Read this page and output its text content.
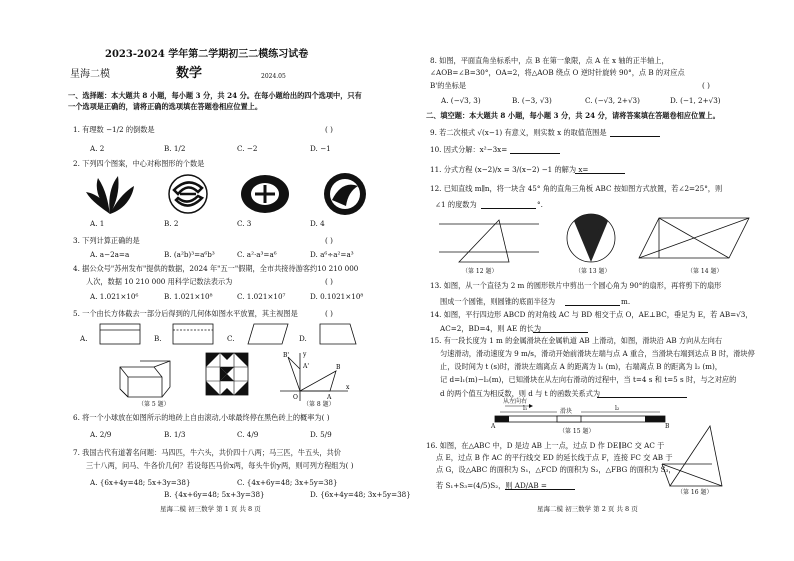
2023-2024 学年第二学期初三二模练习试卷
星海二模	数学	2024.05
一、选择题：本大题共 8 小题，每小题 3 分，共 24 分。在每小题给出的四个选项中，只有
一个选项是正确的，请将正确的选项填在答题卷相应位置上。
1. 有理数 −1/2 的倒数是	( )
A. 2	B. 1/2	C. −2	D. −1
2. 下列四个图案，中心对称图形的个数是
A. 1	B. 2	C. 3	D. 4
3. 下列计算正确的是	( )
A. a−2a=a	B. (a²b)³=a⁶b³	C. a²·a³=a⁶	D. a⁶÷a²=a³
4. 据公众号"苏州发布"提供的数据，2024 年"五一"假期，全市共接待游客约10 210 000
人次，数据 10 210 000 用科学记数法表示为	( )
A. 1.021×10⁶	B. 1.021×10⁸	C. 1.021×10⁷	D. 0.1021×10⁸
5. 一个由长方体截去一部分后得到的几何体如图水平放置，其主视图是	( )
A.	B.	C.	D.
B'
A'
y
A
B
O
x
（第 5 题）	（第 8 题）
6. 将一个小球放在如图所示的地砖上自由滚动,小球最终停在黑色砖上的概率为( )
A. 2/9	B. 1/3	C. 4/9	D. 5/9
7. 我国古代有道著名问题：马四匹，牛六头，共价四十八两；马三匹，牛五头，共价
三十八两，问马、牛各价几何？若设每匹马价x两，每头牛价y两，则可列方程组为( )
A. {6x+4y=48; 5x+3y=38}
B. {4x+6y=48; 5x+3y=38}
C. {4x+6y=48; 3x+5y=38}
D. {6x+4y=48; 3x+5y=38}
星海二模 初三数学 第 1 页 共 8 页
8. 如图，平面直角坐标系中，点 B 在第一象限，点 A 在 x 轴的正半轴上，
∠AOB=∠B=30°，OA=2，将△AOB 绕点 O 逆时针旋转 90°，点 B 的对应点
B'的坐标是	( )
A. (−√3, 3)	B. (−3, √3)	C. (−√3, 2+√3)	D. (−1, 2+√3)
二、填空题：本大题共 8 小题，每小题 3 分，共 24 分，请将答案填在答题卷相应位置上。
9. 若二次根式 √(x−1) 有意义，则实数 x 的取值范围是
10. 因式分解：x²−3x=
11. 分式方程 (x−2)/x = 3/(x−2) −1 的解为 x=
12. 已知直线 m∥n，将一块含 45° 角的直角三角板 ABC 按如图方式放置，若∠2=25°，则
∠1 的度数为	°.
（第 12 题）	（第 13 题）	（第 14 题）
13. 如图，从一个直径为 2 m 的圆形铁片中剪出一个圆心角为 90°的扇形，再将剪下的扇形
围成一个圆锥，则圆锥的底面半径为	m.
14. 如图，平行四边形 ABCD 的对角线 AC 与 BD 相交于点 O，AE⊥BC，垂足为 E，若 AB=√3，
AC=2，BD=4，则 AE 的长为
15. 有一段长度为 1 m 的金属滑块在金属轨道 AB 上滑动，如图，滑块沿 AB 方向从左向右
匀速滑动，滑动速度为 9 m/s，滑动开始前滑块左端与点 A 重合，当滑块右端到达点 B 时，滑块停
止，设时间为 t (s)时，滑块左端离点 A 的距离为 l₁ (m)，右端离点 B 的距离为 l₂ (m)，
记 d=l₁(m)−l₂(m)，已知滑块在从左向右滑动的过程中，当 t=4 s 和 t=5 s 时，与之对应的
d 的两个值互为相反数，则 d 与 t 的函数关系式为
从左向右
l₁	滑块	l₂
A	B
（第 15 题）
16. 如图，在△ABC 中，D 是边 AB 上一点，过点 D 作 DE∥BC 交 AC 于
点 E，过点 B 作 AC 的平行线交 ED 的延长线于点 F，连接 FC 交 AB 于
点 G，设△ABC 的面积为 S₁，△FCD 的面积为 S₂，△FBG 的面积为 S₃，
若 S₁+S₃=(4/5)S₂，则 AD/AB =
（第 16 题）
星海二模 初三数学 第 2 页 共 8 页
